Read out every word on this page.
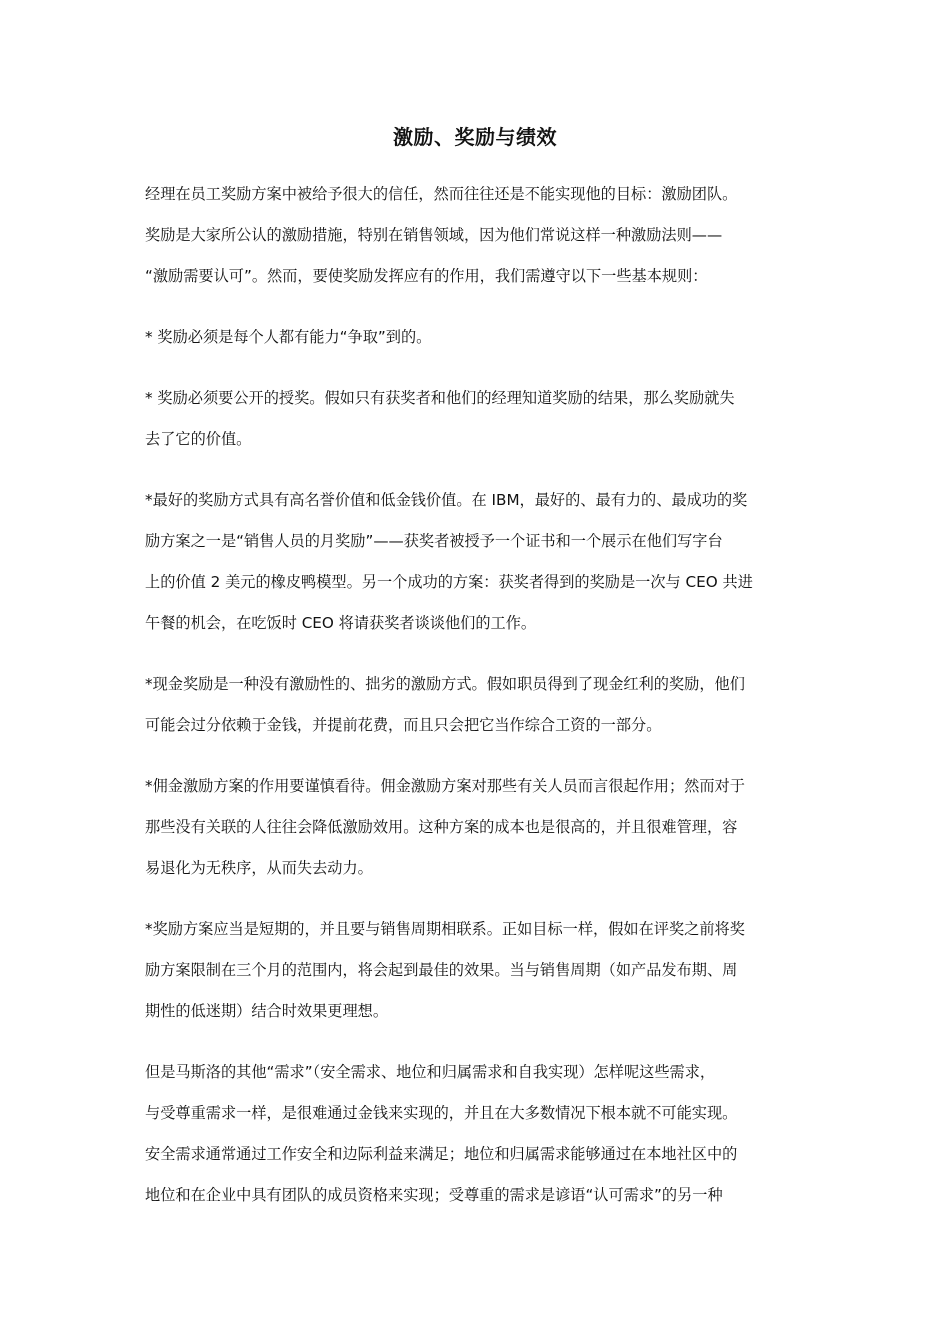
激励、奖励与绩效
经理在员工奖励方案中被给予很大的信任，然而往往还是不能实现他的目标：激励团队。
奖励是大家所公认的激励措施，特别在销售领域，因为他们常说这样一种激励法则——
“激励需要认可”。然而，要使奖励发挥应有的作用，我们需遵守以下一些基本规则：
* 奖励必须是每个人都有能力“争取”到的。
* 奖励必须要公开的授奖。假如只有获奖者和他们的经理知道奖励的结果，那么奖励就失
去了它的价值。
*最好的奖励方式具有高名誉价值和低金钱价值。在 IBM，最好的、最有力的、最成功的奖
励方案之一是“销售人员的月奖励”——获奖者被授予一个证书和一个展示在他们写字台
上的价值 2 美元的橡皮鸭模型。另一个成功的方案：获奖者得到的奖励是一次与 CEO 共进
午餐的机会，在吃饭时 CEO 将请获奖者谈谈他们的工作。
*现金奖励是一种没有激励性的、拙劣的激励方式。假如职员得到了现金红利的奖励，他们
可能会过分依赖于金钱，并提前花费，而且只会把它当作综合工资的一部分。
*佣金激励方案的作用要谨慎看待。佣金激励方案对那些有关人员而言很起作用；然而对于
那些没有关联的人往往会降低激励效用。这种方案的成本也是很高的，并且很难管理，容
易退化为无秩序，从而失去动力。
*奖励方案应当是短期的，并且要与销售周期相联系。正如目标一样，假如在评奖之前将奖
励方案限制在三个月的范围内，将会起到最佳的效果。当与销售周期（如产品发布期、周
期性的低迷期）结合时效果更理想。
但是马斯洛的其他“需求”（安全需求、地位和归属需求和自我实现）怎样呢这些需求，
与受尊重需求一样，是很难通过金钱来实现的，并且在大多数情况下根本就不可能实现。
安全需求通常通过工作安全和边际利益来满足；地位和归属需求能够通过在本地社区中的
地位和在企业中具有团队的成员资格来实现；受尊重的需求是谚语“认可需求”的另一种
